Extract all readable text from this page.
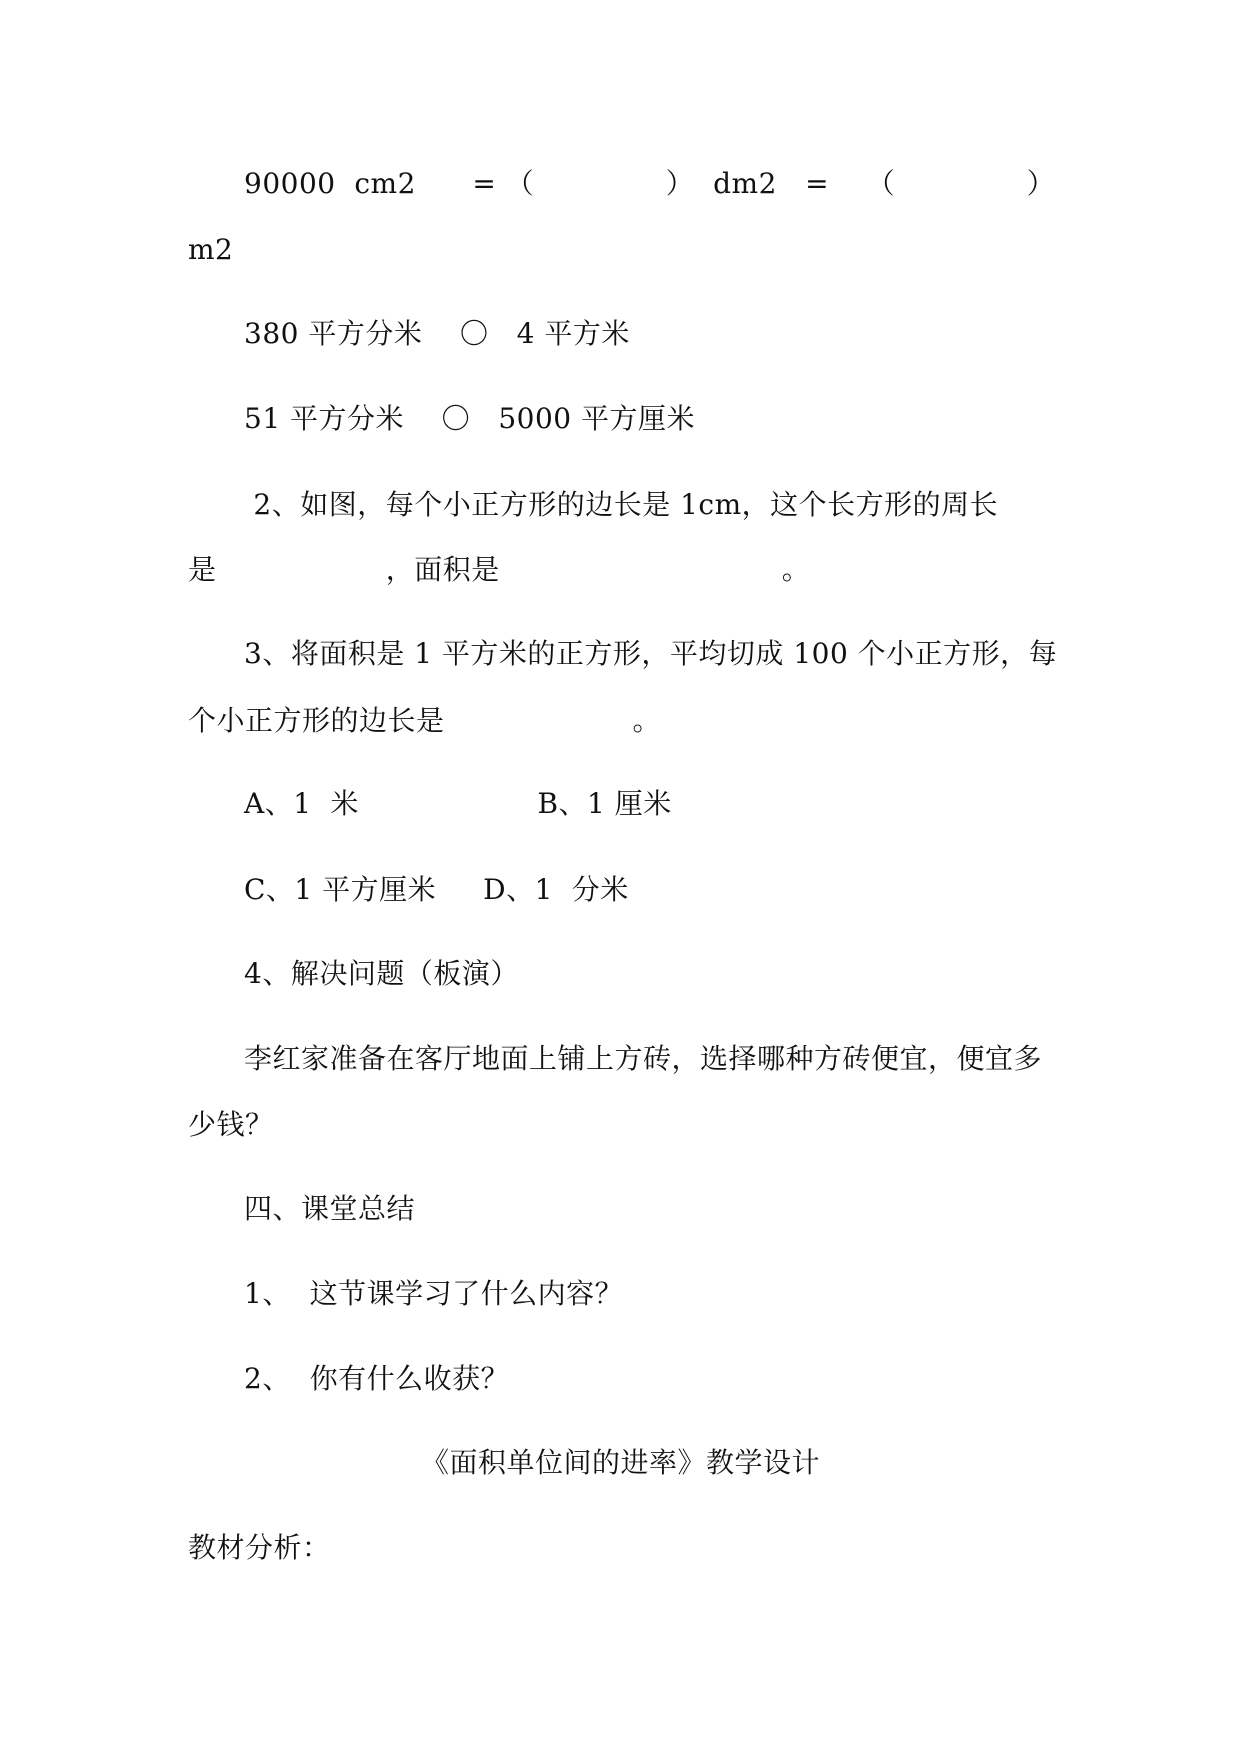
90000  cm2      = （              ）  dm2   =    （              ）
m2
380 平方分米    〇   4 平方米
51 平方分米    〇   5000 平方厘米
2、如图，每个小正方形的边长是 1cm，这个长方形的周长
是                  ，面积是                              。
3、将面积是 1 平方米的正方形，平均切成 100 个小正方形，每
个小正方形的边长是                    。
A、1  米                   B、1 厘米
C、1 平方厘米     D、1  分米
4、解决问题（板演）
李红家准备在客厅地面上铺上方砖，选择哪种方砖便宜，便宜多
少钱？
四、课堂总结
1、  这节课学习了什么内容？
2、  你有什么收获？
《面积单位间的进率》教学设计
教材分析：
